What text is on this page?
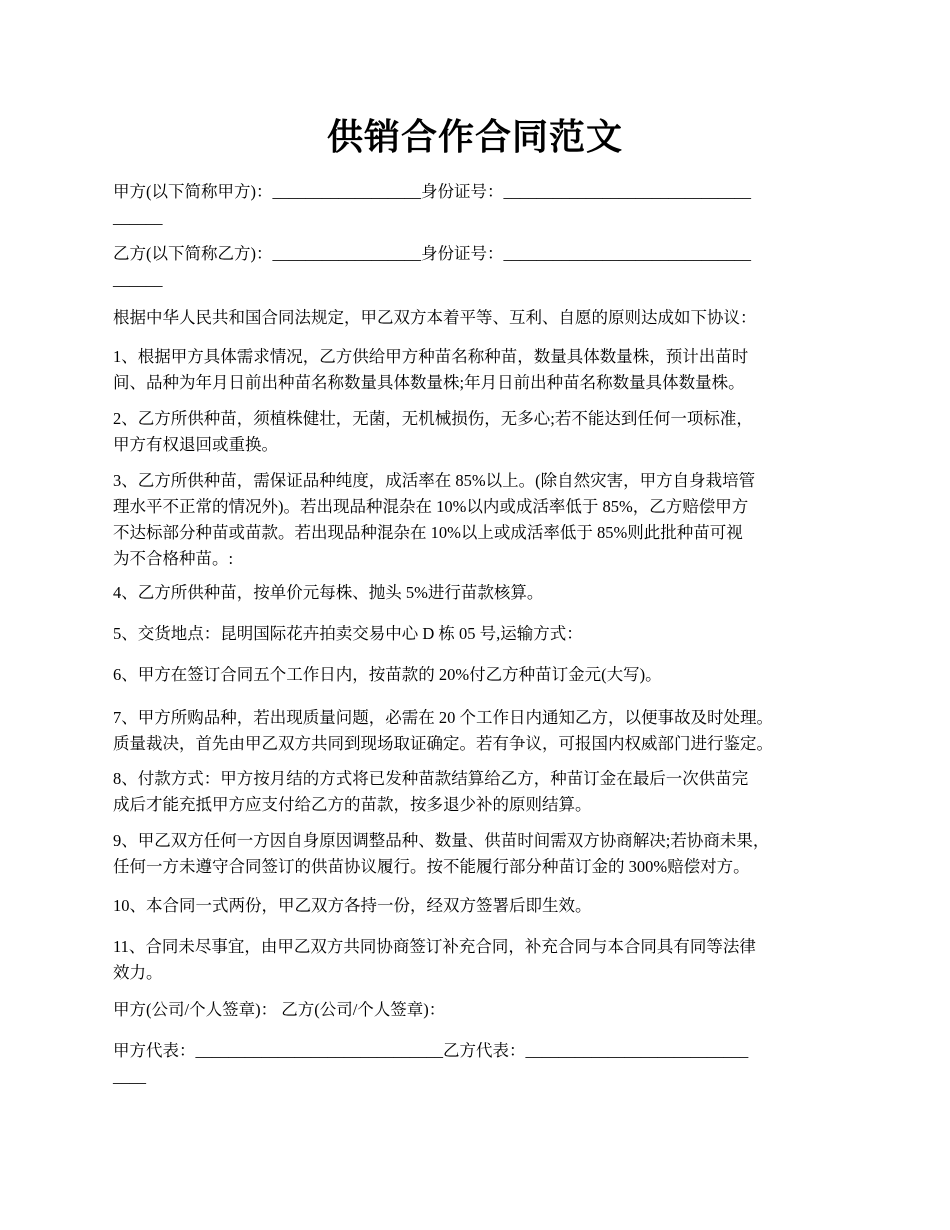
供销合作合同范文
甲方(以下简称甲方)：__________________身份证号：______________________________
______
乙方(以下简称乙方)：__________________身份证号：______________________________
______
根据中华人民共和国合同法规定，甲乙双方本着平等、互利、自愿的原则达成如下协议：
1、根据甲方具体需求情况，乙方供给甲方种苗名称种苗，数量具体数量株，预计出苗时
间、品种为年月日前出种苗名称数量具体数量株;年月日前出种苗名称数量具体数量株。
2、乙方所供种苗，须植株健壮，无菌，无机械损伤，无多心;若不能达到任何一项标准，
甲方有权退回或重换。
3、乙方所供种苗，需保证品种纯度，成活率在 85%以上。(除自然灾害，甲方自身栽培管
理水平不正常的情况外)。若出现品种混杂在 10%以内或成活率低于 85%，乙方赔偿甲方
不达标部分种苗或苗款。若出现品种混杂在 10%以上或成活率低于 85%则此批种苗可视
为不合格种苗。:
4、乙方所供种苗，按单价元每株、抛头 5%进行苗款核算。
5、交货地点：昆明国际花卉拍卖交易中心 D 栋 05 号,运输方式：
6、甲方在签订合同五个工作日内，按苗款的 20%付乙方种苗订金元(大写)。
7、甲方所购品种，若出现质量问题，必需在 20 个工作日内通知乙方，以便事故及时处理。
质量裁决，首先由甲乙双方共同到现场取证确定。若有争议，可报国内权威部门进行鉴定。
8、付款方式：甲方按月结的方式将已发种苗款结算给乙方，种苗订金在最后一次供苗完
成后才能充抵甲方应支付给乙方的苗款，按多退少补的原则结算。
9、甲乙双方任何一方因自身原因调整品种、数量、供苗时间需双方协商解决;若协商未果，
任何一方未遵守合同签订的供苗协议履行。按不能履行部分种苗订金的 300%赔偿对方。
10、本合同一式两份，甲乙双方各持一份，经双方签署后即生效。
11、合同未尽事宜，由甲乙双方共同协商签订补充合同，补充合同与本合同具有同等法律
效力。
甲方(公司/个人签章)： 乙方(公司/个人签章)：
甲方代表：______________________________乙方代表：___________________________
____
